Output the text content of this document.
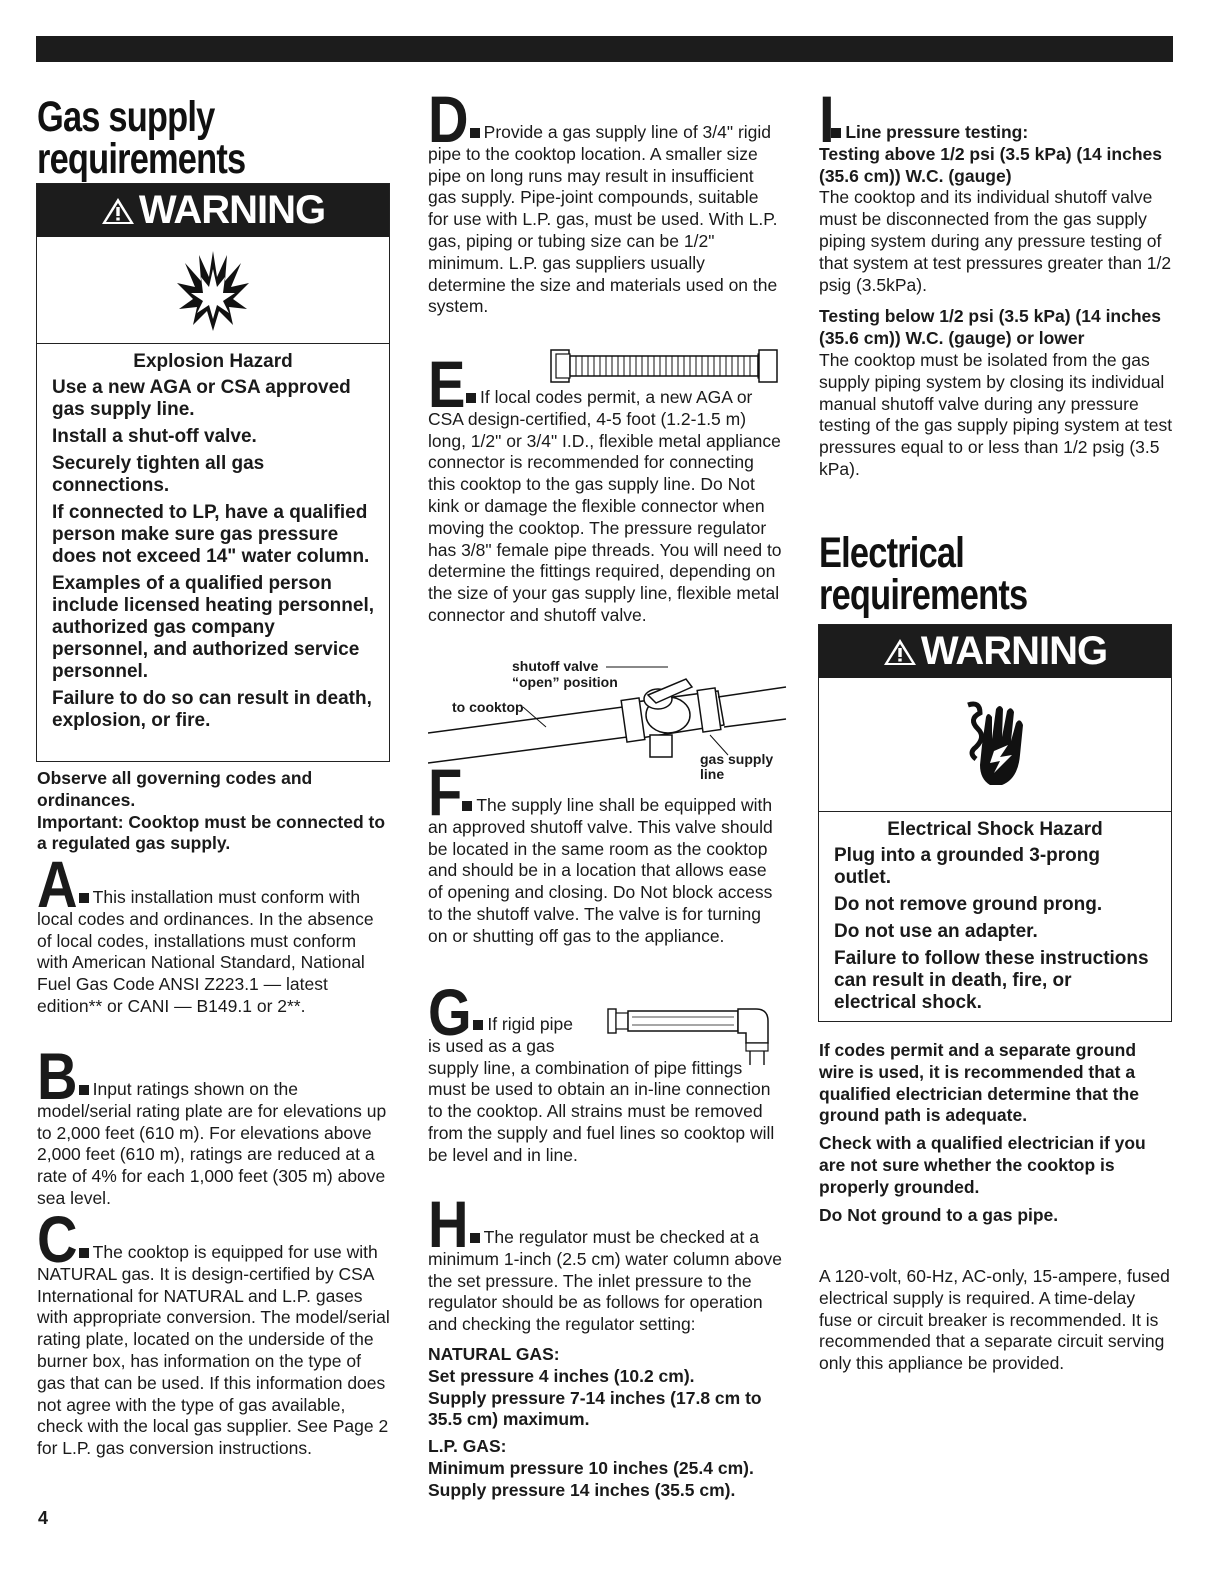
Gas supply
requirements
WARNING
Explosion Hazard
Use a new AGA or CSA approved gas supply line.
Install a shut-off valve.
Securely tighten all gas connections.
If connected to LP, have a qualified person make sure gas pressure does not exceed 14" water column.
Examples of a qualified person include licensed heating personnel, authorized gas company personnel, and authorized service personnel.
Failure to do so can result in death, explosion, or fire.
Observe all governing codes and ordinances.
Important: Cooktop must be connected to a regulated gas supply.
A This installation must conform with local codes and ordinances. In the absence of local codes, installations must conform with American National Standard, National Fuel Gas Code ANSI Z223.1 — latest edition** or CANI — B149.1 or 2**.
B Input ratings shown on the model/serial rating plate are for elevations up to 2,000 feet (610 m). For elevations above 2,000 feet (610 m), ratings are reduced at a rate of 4% for each 1,000 feet (305 m) above sea level.
C The cooktop is equipped for use with NATURAL gas. It is design-certified by CSA International for NATURAL and L.P. gases with appropriate conversion. The model/serial rating plate, located on the underside of the burner box, has information on the type of gas that can be used. If this information does not agree with the type of gas available, check with the local gas supplier. See Page 2 for L.P. gas conversion instructions.
4
D Provide a gas supply line of 3/4" rigid pipe to the cooktop location. A smaller size pipe on long runs may result in insufficient gas supply. Pipe-joint compounds, suitable for use with L.P. gas, must be used. With L.P. gas, piping or tubing size can be 1/2" minimum. L.P. gas suppliers usually determine the size and materials used on the system.
E If local codes permit, a new AGA or CSA design-certified, 4-5 foot (1.2-1.5 m) long, 1/2" or 3/4" I.D., flexible metal appliance connector is recommended for connecting this cooktop to the gas supply line. Do Not kink or damage the flexible connector when moving the cooktop. The pressure regulator has 3/8" female pipe threads. You will need to determine the fittings required, depending on the size of your gas supply line, flexible metal connector and shutoff valve.
shutoff valve
“open” position
to cooktop
gas supply
line
F The supply line shall be equipped with an approved shutoff valve. This valve should be located in the same room as the cooktop and should be in a location that allows ease of opening and closing. Do Not block access to the shutoff valve. The valve is for turning on or shutting off gas to the appliance.
G If rigid pipe
is used as a gas
supply line, a combination of pipe fittings must be used to obtain an in-line connection to the cooktop. All strains must be removed from the supply and fuel lines so cooktop will be level and in line.
H The regulator must be checked at a minimum 1-inch (2.5 cm) water column above the set pressure. The inlet pressure to the regulator should be as follows for operation and checking the regulator setting:
NATURAL GAS:
Set pressure 4 inches (10.2 cm).
Supply pressure 7-14 inches (17.8 cm to 35.5 cm) maximum.
L.P. GAS:
Minimum pressure 10 inches (25.4 cm).
Supply pressure 14 inches (35.5 cm).
I Line pressure testing:
Testing above 1/2 psi (3.5 kPa) (14 inches (35.6 cm)) W.C. (gauge)
The cooktop and its individual shutoff valve must be disconnected from the gas supply piping system during any pressure testing of that system at test pressures greater than 1/2 psig (3.5kPa).
Testing below 1/2 psi (3.5 kPa) (14 inches (35.6 cm)) W.C. (gauge) or lower
The cooktop must be isolated from the gas supply piping system by closing its individual manual shutoff valve during any pressure testing of the gas supply piping system at test pressures equal to or less than 1/2 psig (3.5 kPa).
Electrical
requirements
WARNING
Electrical Shock Hazard
Plug into a grounded 3-prong outlet.
Do not remove ground prong.
Do not use an adapter.
Failure to follow these instructions can result in death, fire, or electrical shock.
If codes permit and a separate ground wire is used, it is recommended that a qualified electrician determine that the ground path is adequate.
Check with a qualified electrician if you are not sure whether the cooktop is properly grounded.
Do Not ground to a gas pipe.
A 120-volt, 60-Hz, AC-only, 15-ampere, fused electrical supply is required. A time-delay fuse or circuit breaker is recommended. It is recommended that a separate circuit serving only this appliance be provided.
